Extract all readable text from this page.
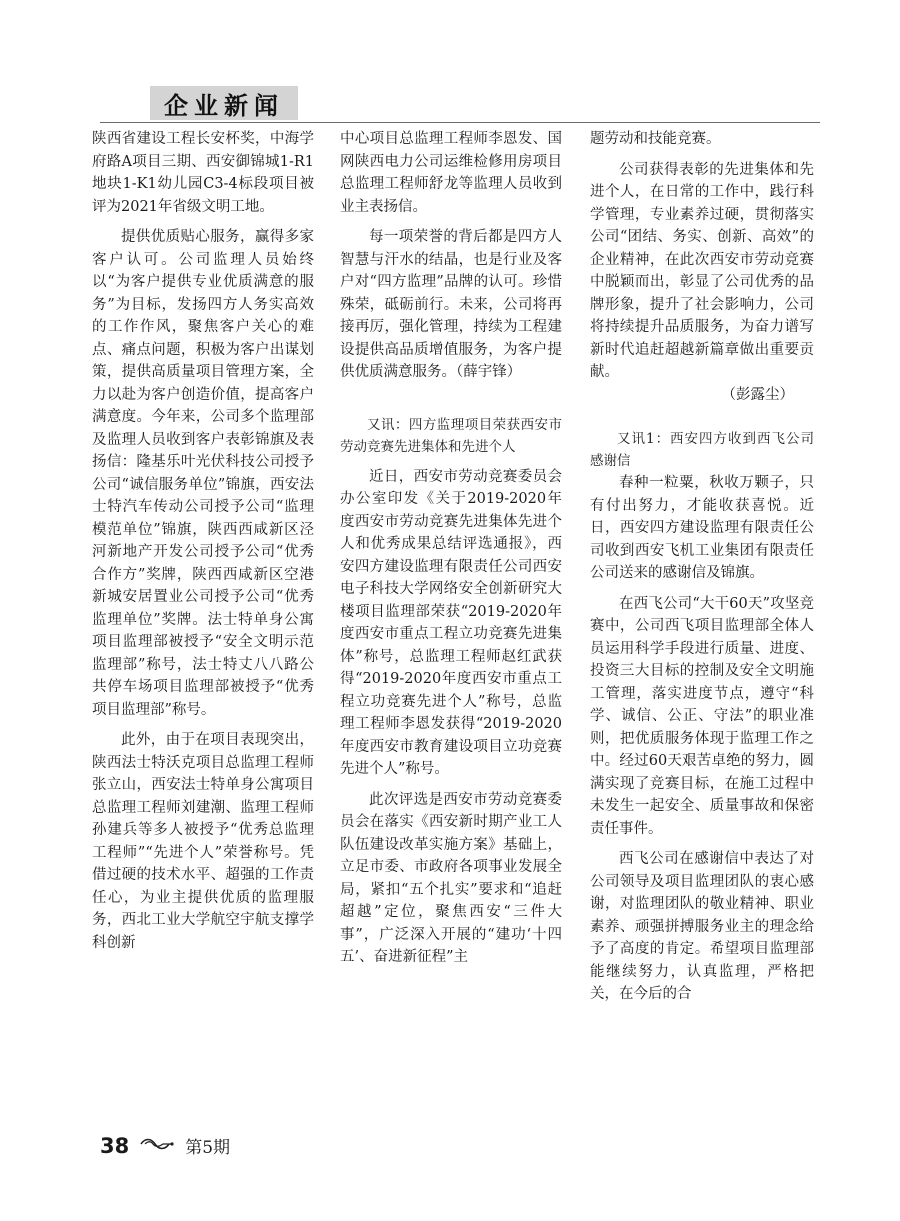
企业新闻

陕西省建设工程长安杯奖，中海学府路A项目三期、西安御锦城1-R1地块1-K1幼儿园C3-4标段项目被评为2021年省级文明工地。

提供优质贴心服务，赢得多家客户认可。公司监理人员始终以“为客户提供专业优质满意的服务”为目标，发扬四方人务实高效的工作作风，聚焦客户关心的难点、痛点问题，积极为客户出谋划策，提供高质量项目管理方案，全力以赴为客户创造价值，提高客户满意度。今年来，公司多个监理部及监理人员收到客户表彰锦旗及表扬信：隆基乐叶光伏科技公司授予公司“诚信服务单位”锦旗，西安法士特汽车传动公司授予公司“监理模范单位”锦旗，陕西西咸新区泾河新地产开发公司授予公司“优秀合作方”奖牌，陕西西咸新区空港新城安居置业公司授予公司“优秀监理单位”奖牌。法士特单身公寓项目监理部被授予“安全文明示范监理部”称号，法士特丈八八路公共停车场项目监理部被授予“优秀项目监理部”称号。

此外，由于在项目表现突出，陕西法士特沃克项目总监理工程师张立山，西安法士特单身公寓项目总监理工程师刘建潮、监理工程师孙建兵等多人被授予“优秀总监理工程师”“先进个人”荣誉称号。凭借过硬的技术水平、超强的工作责任心，为业主提供优质的监理服务，西北工业大学航空宇航支撑学科创新

中心项目总监理工程师李恩发、国网陕西电力公司运维检修用房项目总监理工程师舒龙等监理人员收到业主表扬信。

每一项荣誉的背后都是四方人智慧与汗水的结晶，也是行业及客户对“四方监理”品牌的认可。珍惜殊荣，砥砺前行。未来，公司将再接再厉，强化管理，持续为工程建设提供高品质增值服务，为客户提供优质满意服务。（薛宇锋）

又讯：四方监理项目荣获西安市劳动竞赛先进集体和先进个人

近日，西安市劳动竞赛委员会办公室印发《关于2019-2020年度西安市劳动竞赛先进集体先进个人和优秀成果总结评选通报》，西安四方建设监理有限责任公司西安电子科技大学网络安全创新研究大楼项目监理部荣获“2019-2020年度西安市重点工程立功竞赛先进集体”称号，总监理工程师赵红武获得“2019-2020年度西安市重点工程立功竞赛先进个人”称号，总监理工程师李恩发获得“2019-2020年度西安市教育建设项目立功竞赛先进个人”称号。

此次评选是西安市劳动竞赛委员会在落实《西安新时期产业工人队伍建设改革实施方案》基础上，立足市委、市政府各项事业发展全局，紧扣“五个扎实”要求和“追赶超越”定位，聚焦西安“三件大事”，广泛深入开展的“建功‘十四五’、奋进新征程”主

题劳动和技能竞赛。

公司获得表彰的先进集体和先进个人，在日常的工作中，践行科学管理，专业素养过硬，贯彻落实公司“团结、务实、创新、高效”的企业精神，在此次西安市劳动竞赛中脱颖而出，彰显了公司优秀的品牌形象，提升了社会影响力，公司将持续提升品质服务，为奋力谱写新时代追赶超越新篇章做出重要贡献。

（彭露尘）

又讯1：西安四方收到西飞公司感谢信

春种一粒粟，秋收万颗子，只有付出努力，才能收获喜悦。近日，西安四方建设监理有限责任公司收到西安飞机工业集团有限责任公司送来的感谢信及锦旗。

在西飞公司“大干60天”攻坚竞赛中，公司西飞项目监理部全体人员运用科学手段进行质量、进度、投资三大目标的控制及安全文明施工管理，落实进度节点，遵守“科学、诚信、公正、守法”的职业准则，把优质服务体现于监理工作之中。经过60天艰苦卓绝的努力，圆满实现了竞赛目标，在施工过程中未发生一起安全、质量事故和保密责任事件。

西飞公司在感谢信中表达了对公司领导及项目监理团队的衷心感谢，对监理团队的敬业精神、职业素养、顽强拼搏服务业主的理念给予了高度的肯定。希望项目监理部能继续努力，认真监理，严格把关，在今后的合

38	第5期
